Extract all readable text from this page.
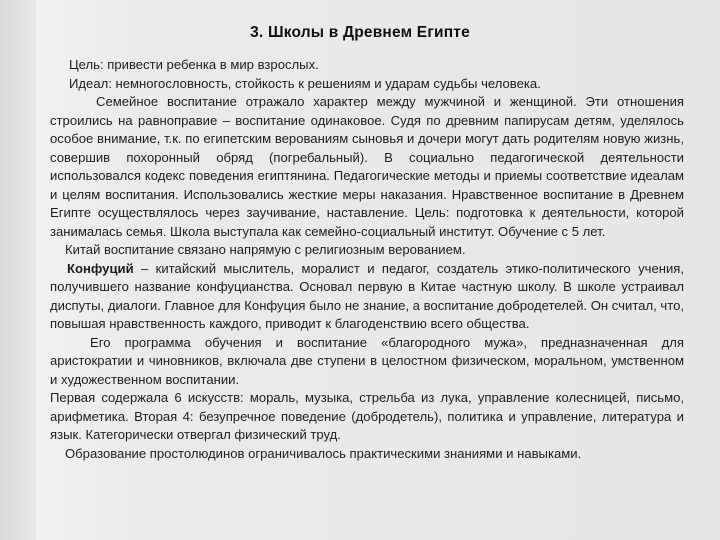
3. Школы в Древнем Египте

Цель: привести ребенка в мир взрослых.

Идеал: немногословность, стойкость к решениям и ударам судьбы человека.

Семейное воспитание отражало характер между мужчиной и женщиной. Эти отношения строились на равноправие – воспитание одинаковое. Судя по древним папирусам детям, уделялось особое внимание, т.к. по египетским верованиям сыновья и дочери могут дать родителям новую жизнь, совершив похоронный обряд (погребальный). В социально педагогической деятельности использовался кодекс поведения египтянина. Педагогические методы и приемы соответствие идеалам и целям воспитания. Использовались жесткие меры наказания. Нравственное воспитание в Древнем Египте осуществлялось через заучивание, наставление. Цель: подготовка к деятельности, которой занималась семья. Школа выступала как семейно-социальный институт. Обучение с 5 лет.

Китай воспитание связано напрямую с религиозным верованием.

Конфуций – китайский мыслитель, моралист и педагог, создатель этико-политического учения, получившего название конфуцианства. Основал первую в Китае частную школу. В школе устраивал диспуты, диалоги. Главное для Конфуция было не знание, а воспитание добродетелей. Он считал, что, повышая нравственность каждого, приводит к благоденствию всего общества.

Его программа обучения и воспитание «благородного мужа», предназначенная для аристократии и чиновников, включала две ступени в целостном физическом, моральном, умственном и художественном воспитании.

Первая содержала 6 искусств: мораль, музыка, стрельба из лука, управление колесницей, письмо, арифметика. Вторая 4: безупречное поведение (добродетель), политика и управление, литература и язык. Категорически отвергал физический труд.

Образование простолюдинов ограничивалось практическими знаниями и навыками.
